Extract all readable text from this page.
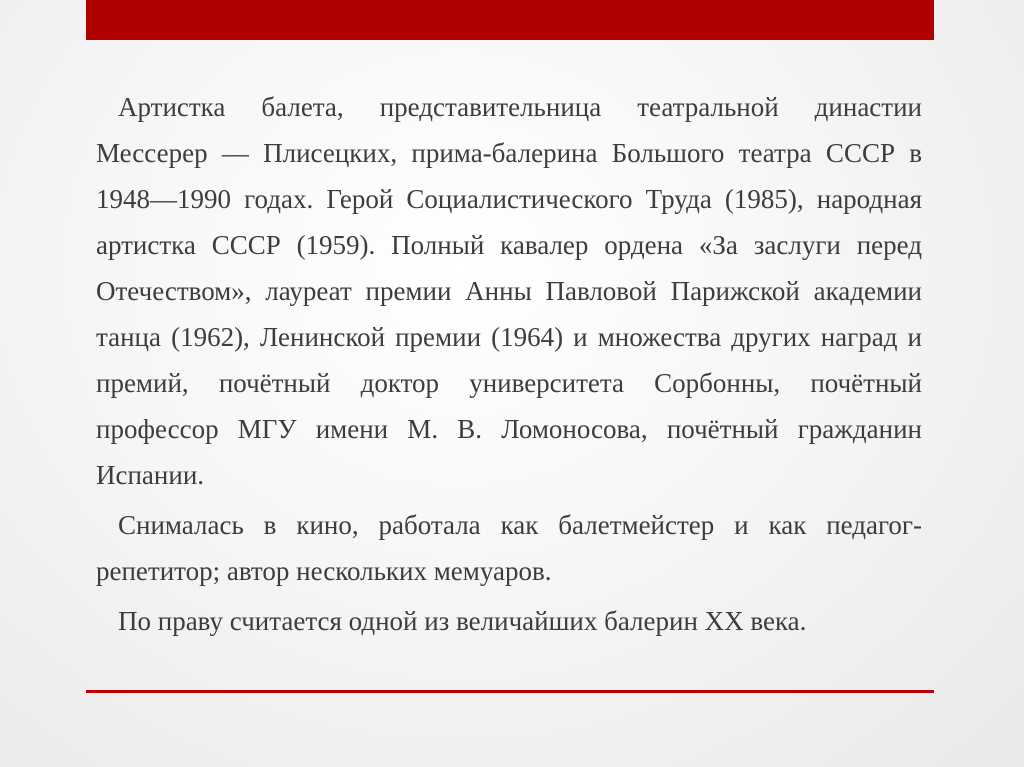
Артистка балета, представительница театральной династии Мессерер — Плисецких, прима-балерина Большого театра СССР в 1948—1990 годах. Герой Социалистического Труда (1985), народная артистка СССР (1959). Полный кавалер ордена «За заслуги перед Отечеством», лауреат премии Анны Павловой Парижской академии танца (1962), Ленинской премии (1964) и множества других наград и премий, почётный доктор университета Сорбонны, почётный профессор МГУ имени М. В. Ломоносова, почётный гражданин Испании.

Снималась в кино, работала как балетмейстер и как педагог-репетитор; автор нескольких мемуаров.

По праву считается одной из величайших балерин XX века.
